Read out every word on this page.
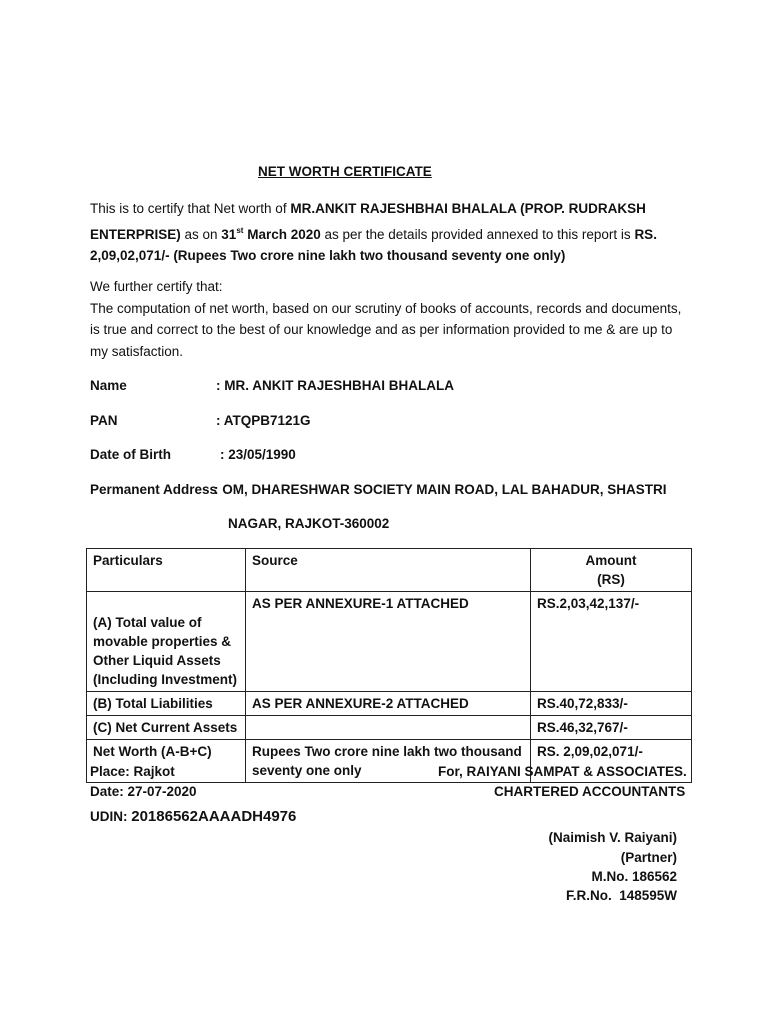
NET WORTH CERTIFICATE
This is to certify that Net worth of MR.ANKIT RAJESHBHAI BHALALA (PROP. RUDRAKSH ENTERPRISE) as on 31st March 2020 as per the details provided annexed to this report is RS. 2,09,02,071/- (Rupees Two crore nine lakh two thousand seventy one only)
We further certify that:
The computation of net worth, based on our scrutiny of books of accounts, records and documents, is true and correct to the best of our knowledge and as per information provided to me & are up to my satisfaction.
Name	: MR. ANKIT RAJESHBHAI BHALALA
PAN	: ATQPB7121G
Date of Birth	: 23/05/1990
Permanent Address
: OM, DHARESHWAR SOCIETY MAIN ROAD, LAL BAHADUR, SHASTRI
NAGAR, RAJKOT-360002
Particulars	Source	Amount
(RS)

(A) Total value of movable properties & Other Liquid Assets (Including Investment)	AS PER ANNEXURE-1 ATTACHED	RS.2,03,42,137/-
(B) Total Liabilities	AS PER ANNEXURE-2 ATTACHED	RS.40,72,833/-
(C) Net Current Assets		RS.46,32,767/-
Net Worth (A-B+C)	Rupees Two crore nine lakh two thousand seventy one only	RS. 2,09,02,071/-
Place: Rajkot
Date: 27-07-2020
UDIN: 20186562AAAADH4976
For, RAIYANI SAMPAT & ASSOCIATES.
CHARTERED ACCOUNTANTS
(Naimish V. Raiyani)
(Partner)
M.No. 186562
F.R.No.  148595W
